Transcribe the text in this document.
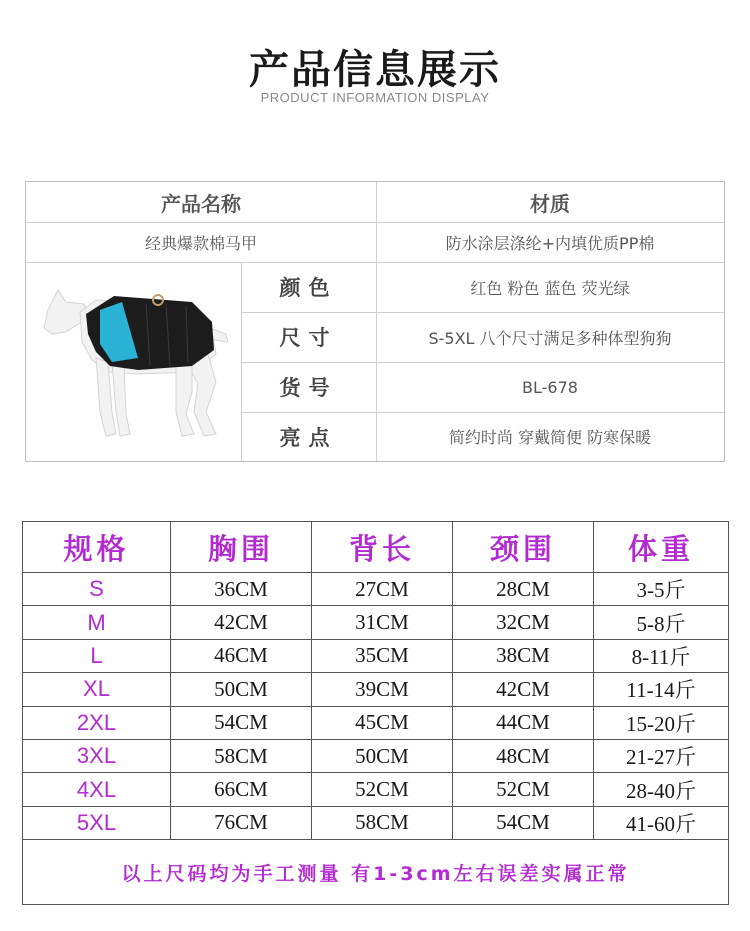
产品信息展示
PRODUCT INFORMATION DISPLAY
产品名称	材质
经典爆款棉马甲	防水涂层涤纶+内填优质PP棉
颜色	红色 粉色 蓝色 荧光绿
尺寸	S-5XL 八个尺寸满足多种体型狗狗
货号	BL-678
亮点	简约时尚 穿戴简便 防寒保暖
规格	胸围	背长	颈围	体重
S	36CM	27CM	28CM	3-5斤
M	42CM	31CM	32CM	5-8斤
L	46CM	35CM	38CM	8-11斤
XL	50CM	39CM	42CM	11-14斤
2XL	54CM	45CM	44CM	15-20斤
3XL	58CM	50CM	48CM	21-27斤
4XL	66CM	52CM	52CM	28-40斤
5XL	76CM	58CM	54CM	41-60斤
以上尺码均为手工测量 有1-3cm左右误差实属正常
